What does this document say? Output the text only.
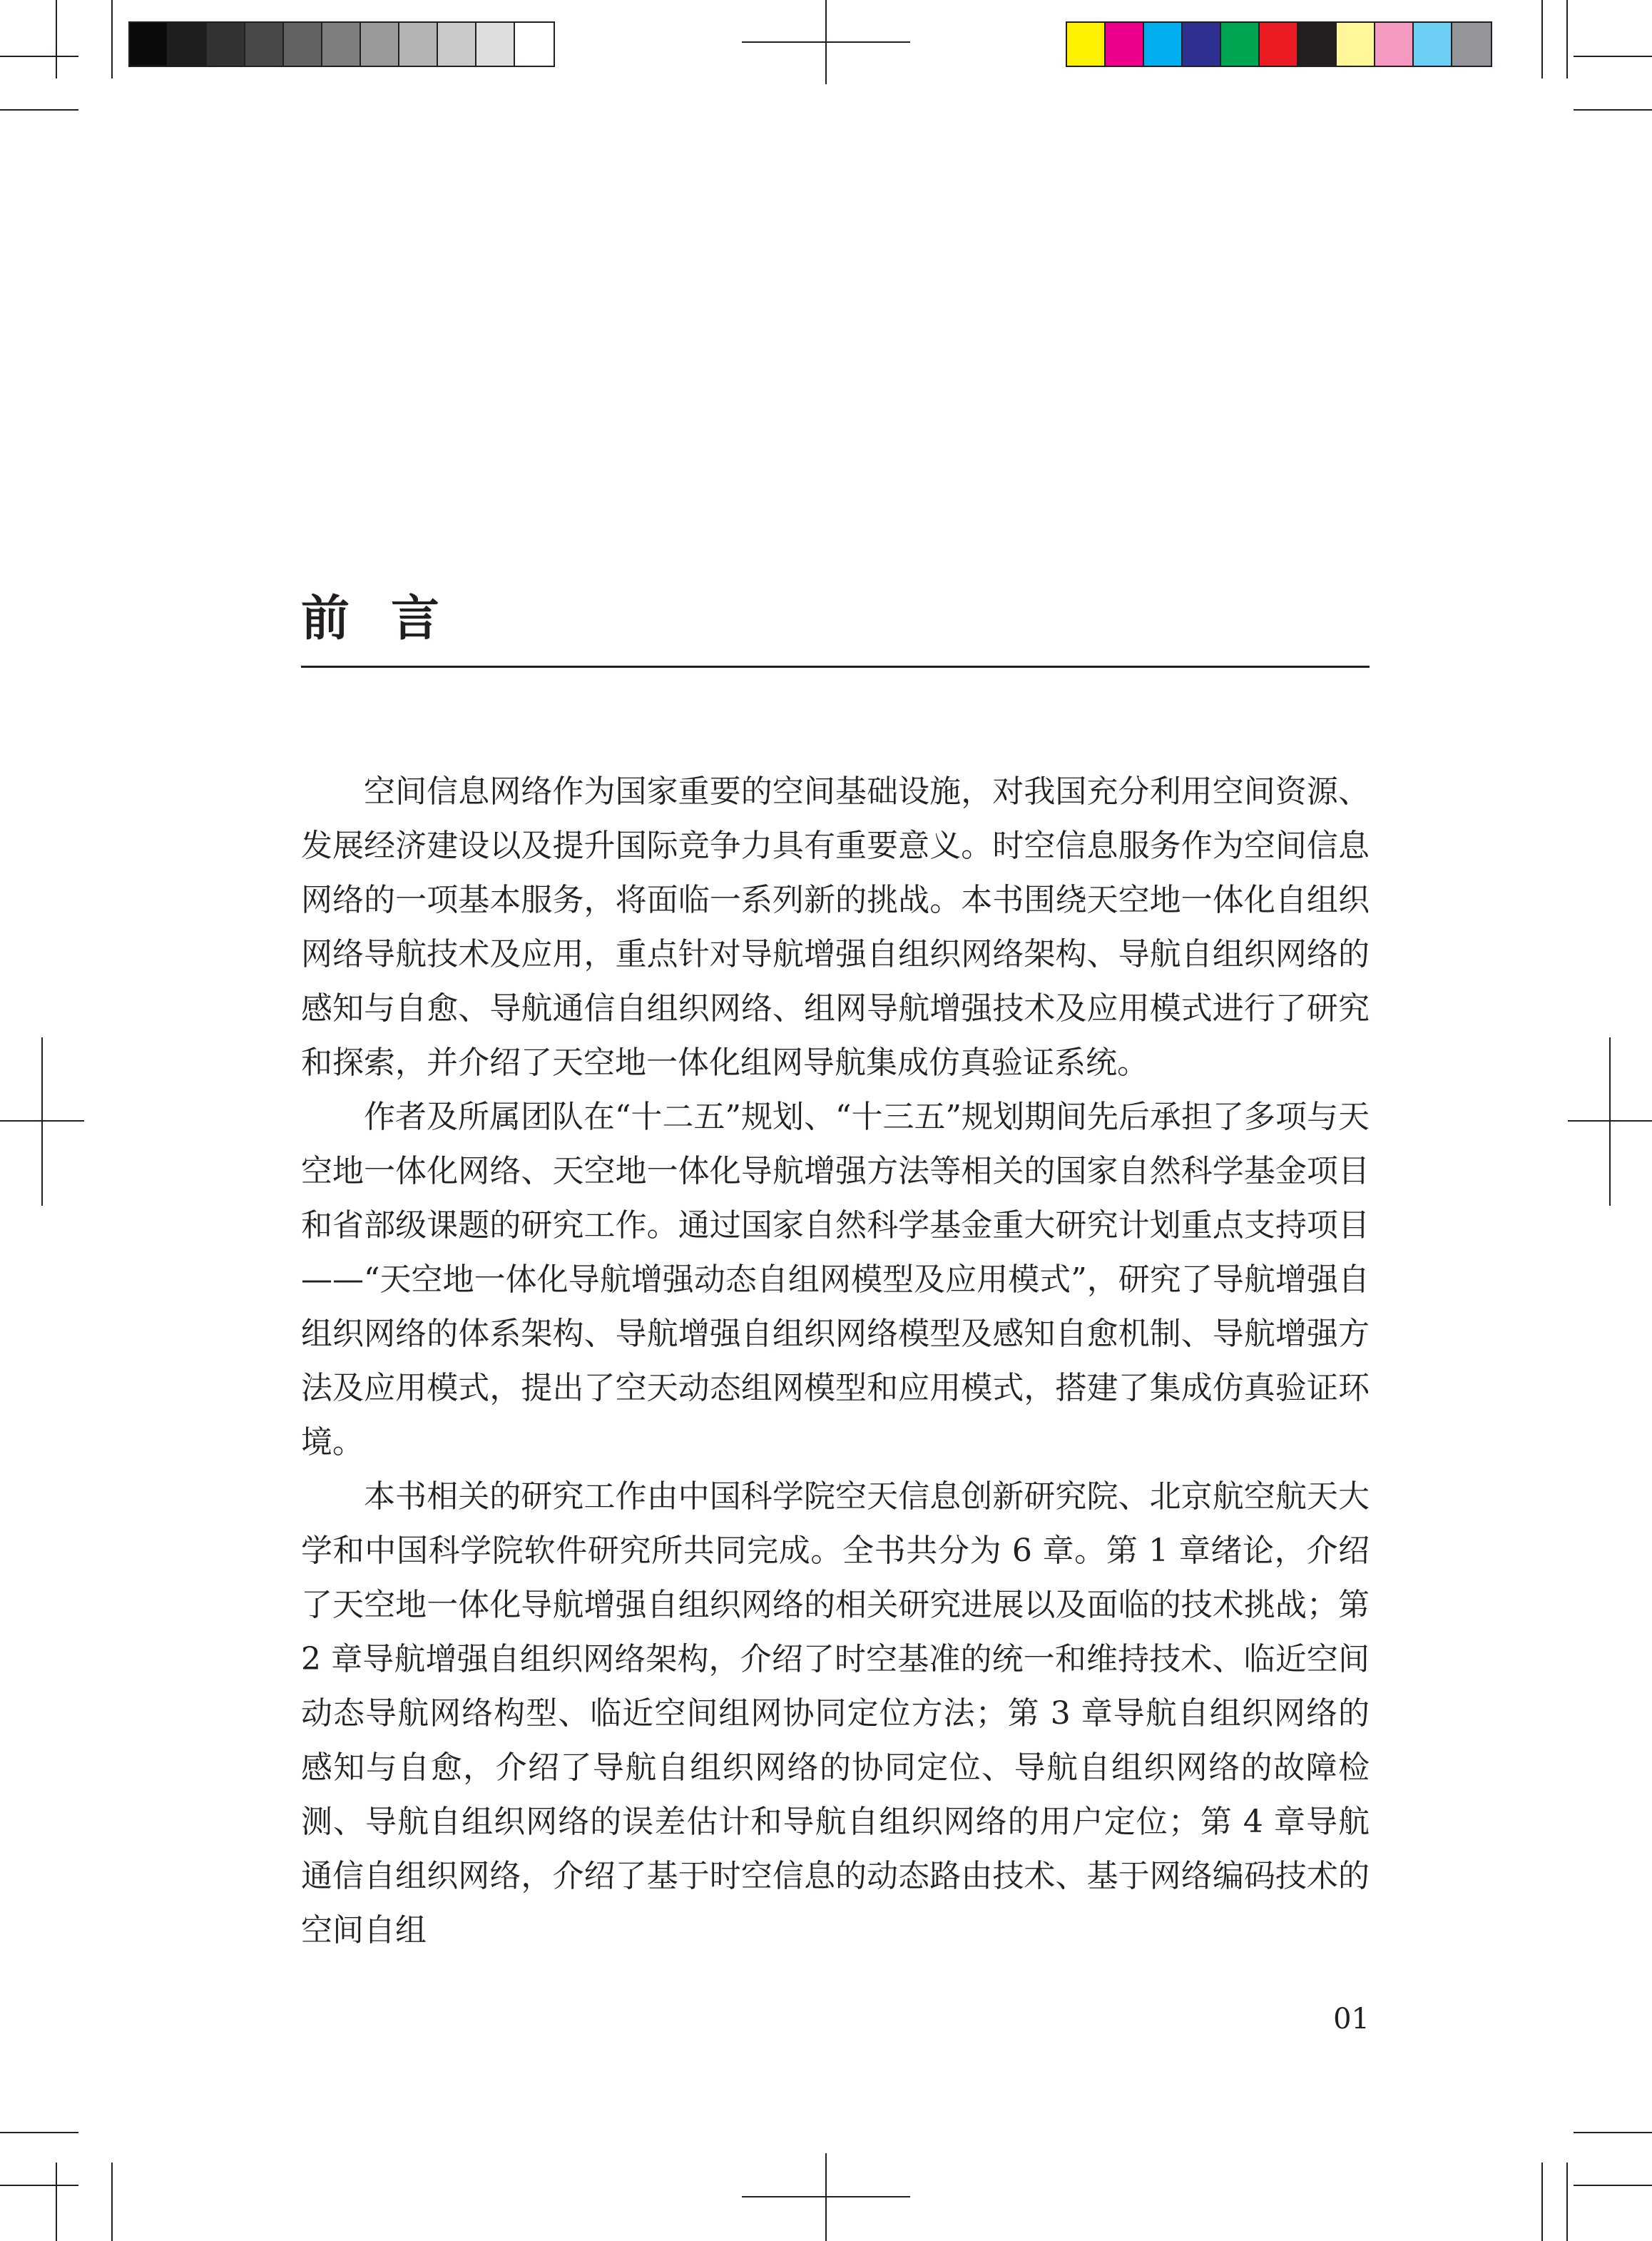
前言

空间信息网络作为国家重要的空间基础设施，对我国充分利用空间资源、发展经济建设以及提升国际竞争力具有重要意义。时空信息服务作为空间信息网络的一项基本服务，将面临一系列新的挑战。本书围绕天空地一体化自组织网络导航技术及应用，重点针对导航增强自组织网络架构、导航自组织网络的感知与自愈、导航通信自组织网络、组网导航增强技术及应用模式进行了研究和探索，并介绍了天空地一体化组网导航集成仿真验证系统。

作者及所属团队在“十二五”规划、“十三五”规划期间先后承担了多项与天空地一体化网络、天空地一体化导航增强方法等相关的国家自然科学基金项目和省部级课题的研究工作。通过国家自然科学基金重大研究计划重点支持项目——“天空地一体化导航增强动态自组网模型及应用模式”，研究了导航增强自组织网络的体系架构、导航增强自组织网络模型及感知自愈机制、导航增强方法及应用模式，提出了空天动态组网模型和应用模式，搭建了集成仿真验证环境。

本书相关的研究工作由中国科学院空天信息创新研究院、北京航空航天大学和中国科学院软件研究所共同完成。全书共分为 6 章。第 1 章绪论，介绍了天空地一体化导航增强自组织网络的相关研究进展以及面临的技术挑战；第 2 章导航增强自组织网络架构，介绍了时空基准的统一和维持技术、临近空间动态导航网络构型、临近空间组网协同定位方法；第 3 章导航自组织网络的感知与自愈，介绍了导航自组织网络的协同定位、导航自组织网络的故障检测、导航自组织网络的误差估计和导航自组织网络的用户定位；第 4 章导航通信自组织网络，介绍了基于时空信息的动态路由技术、基于网络编码技术的空间自组

01
